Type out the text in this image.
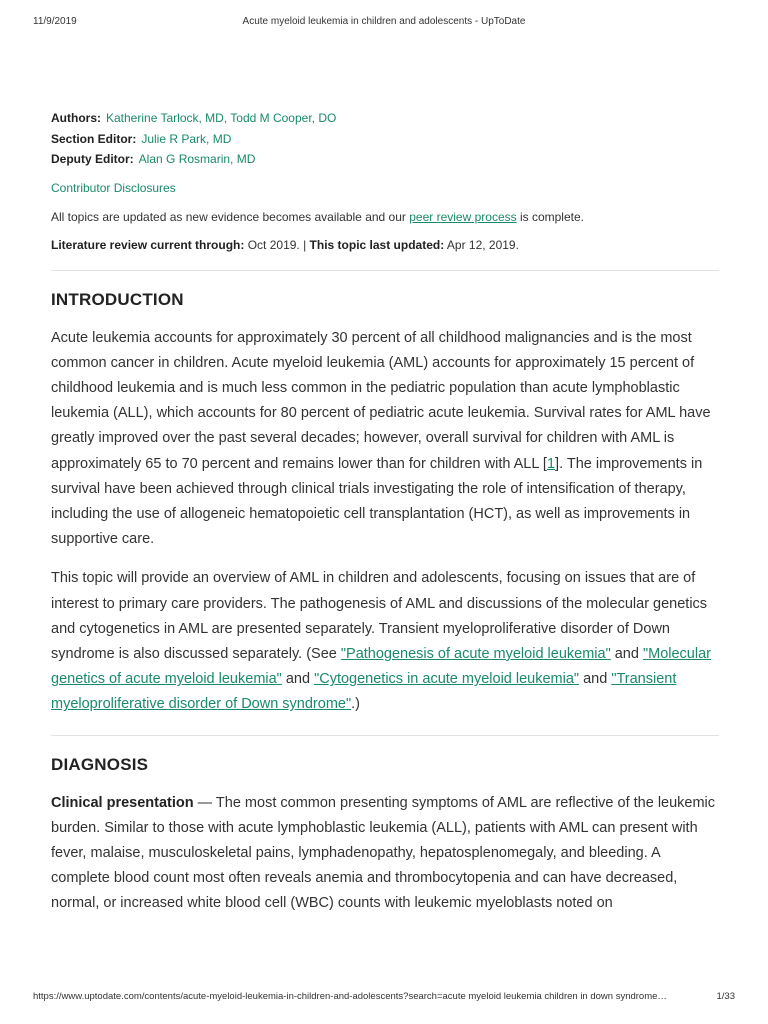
11/9/2019	Acute myeloid leukemia in children and adolescents - UpToDate
Authors: Katherine Tarlock, MD, Todd M Cooper, DO
Section Editor: Julie R Park, MD
Deputy Editor: Alan G Rosmarin, MD
Contributor Disclosures
All topics are updated as new evidence becomes available and our peer review process is complete.
Literature review current through: Oct 2019. | This topic last updated: Apr 12, 2019.
INTRODUCTION

Acute leukemia accounts for approximately 30 percent of all childhood malignancies and is the most common cancer in children. Acute myeloid leukemia (AML) accounts for approximately 15 percent of childhood leukemia and is much less common in the pediatric population than acute lymphoblastic leukemia (ALL), which accounts for 80 percent of pediatric acute leukemia. Survival rates for AML have greatly improved over the past several decades; however, overall survival for children with AML is approximately 65 to 70 percent and remains lower than for children with ALL [1]. The improvements in survival have been achieved through clinical trials investigating the role of intensification of therapy, including the use of allogeneic hematopoietic cell transplantation (HCT), as well as improvements in supportive care.

This topic will provide an overview of AML in children and adolescents, focusing on issues that are of interest to primary care providers. The pathogenesis of AML and discussions of the molecular genetics and cytogenetics in AML are presented separately. Transient myeloproliferative disorder of Down syndrome is also discussed separately. (See "Pathogenesis of acute myeloid leukemia" and "Molecular genetics of acute myeloid leukemia" and "Cytogenetics in acute myeloid leukemia" and "Transient myeloproliferative disorder of Down syndrome".)

DIAGNOSIS

Clinical presentation — The most common presenting symptoms of AML are reflective of the leukemic burden. Similar to those with acute lymphoblastic leukemia (ALL), patients with AML can present with fever, malaise, musculoskeletal pains, lymphadenopathy, hepatosplenomegaly, and bleeding. A complete blood count most often reveals anemia and thrombocytopenia and can have decreased, normal, or increased white blood cell (WBC) counts with leukemic myeloblasts noted on

https://www.uptodate.com/contents/acute-myeloid-leukemia-in-children-and-adolescents?search=acute myeloid leukemia children in down syndrome…	1/33
